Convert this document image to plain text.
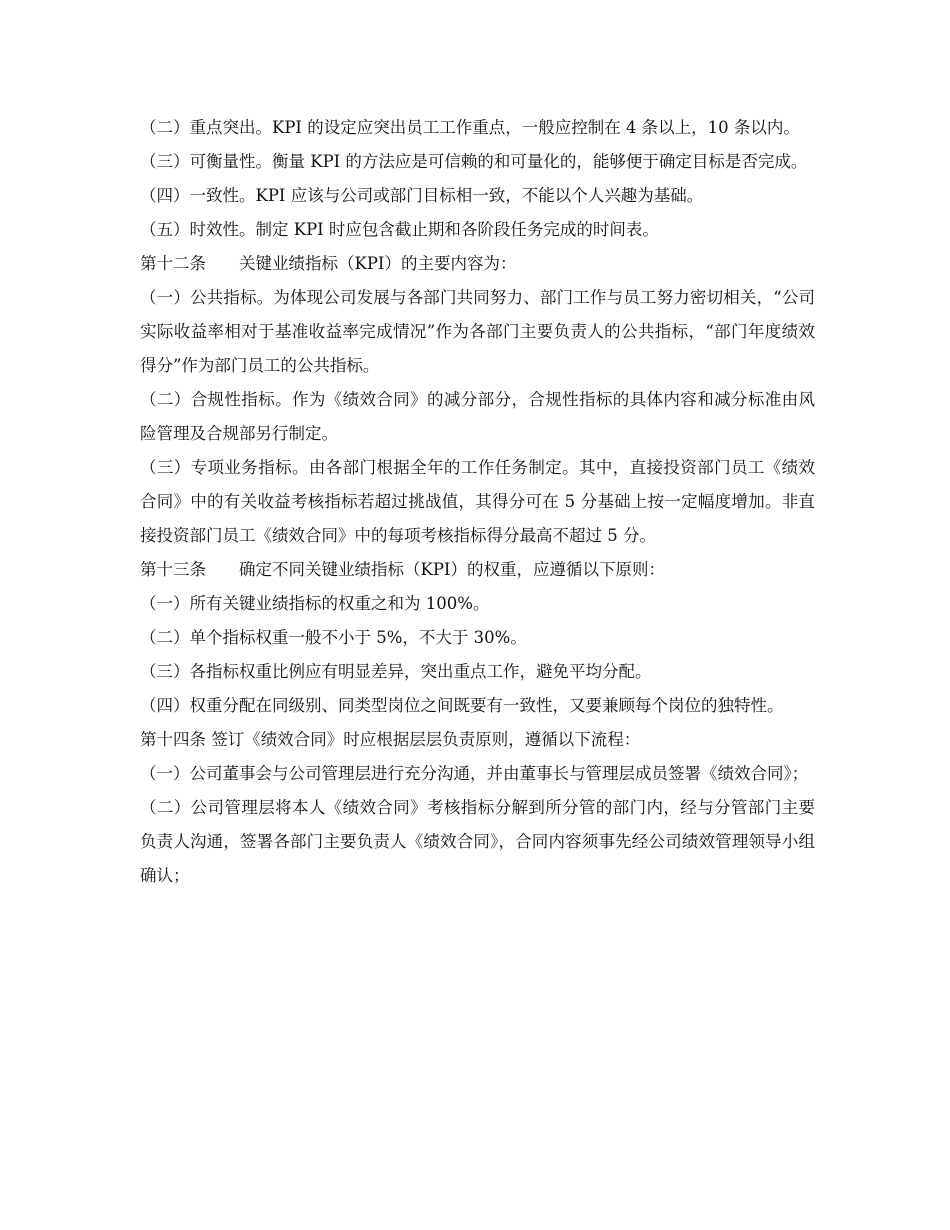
（二）重点突出。KPI 的设定应突出员工工作重点，一般应控制在 4 条以上，10 条以内。

（三）可衡量性。衡量 KPI 的方法应是可信赖的和可量化的，能够便于确定目标是否完成。

（四）一致性。KPI 应该与公司或部门目标相一致，不能以个人兴趣为基础。

（五）时效性。制定 KPI 时应包含截止期和各阶段任务完成的时间表。

第十二条　　关键业绩指标（KPI）的主要内容为：

（一）公共指标。为体现公司发展与各部门共同努力、部门工作与员工努力密切相关，“公司实际收益率相对于基准收益率完成情况”作为各部门主要负责人的公共指标，“部门年度绩效得分”作为部门员工的公共指标。

（二）合规性指标。作为《绩效合同》的减分部分，合规性指标的具体内容和减分标准由风险管理及合规部另行制定。

（三）专项业务指标。由各部门根据全年的工作任务制定。其中，直接投资部门员工《绩效合同》中的有关收益考核指标若超过挑战值，其得分可在 5 分基础上按一定幅度增加。非直接投资部门员工《绩效合同》中的每项考核指标得分最高不超过 5 分。

第十三条　　确定不同关键业绩指标（KPI）的权重，应遵循以下原则：

（一）所有关键业绩指标的权重之和为 100%。

（二）单个指标权重一般不小于 5%，不大于 30%。

（三）各指标权重比例应有明显差异，突出重点工作，避免平均分配。

（四）权重分配在同级别、同类型岗位之间既要有一致性，又要兼顾每个岗位的独特性。

第十四条 签订《绩效合同》时应根据层层负责原则，遵循以下流程：

（一）公司董事会与公司管理层进行充分沟通，并由董事长与管理层成员签署《绩效合同》；

（二）公司管理层将本人《绩效合同》考核指标分解到所分管的部门内，经与分管部门主要负责人沟通，签署各部门主要负责人《绩效合同》，合同内容须事先经公司绩效管理领导小组确认；
